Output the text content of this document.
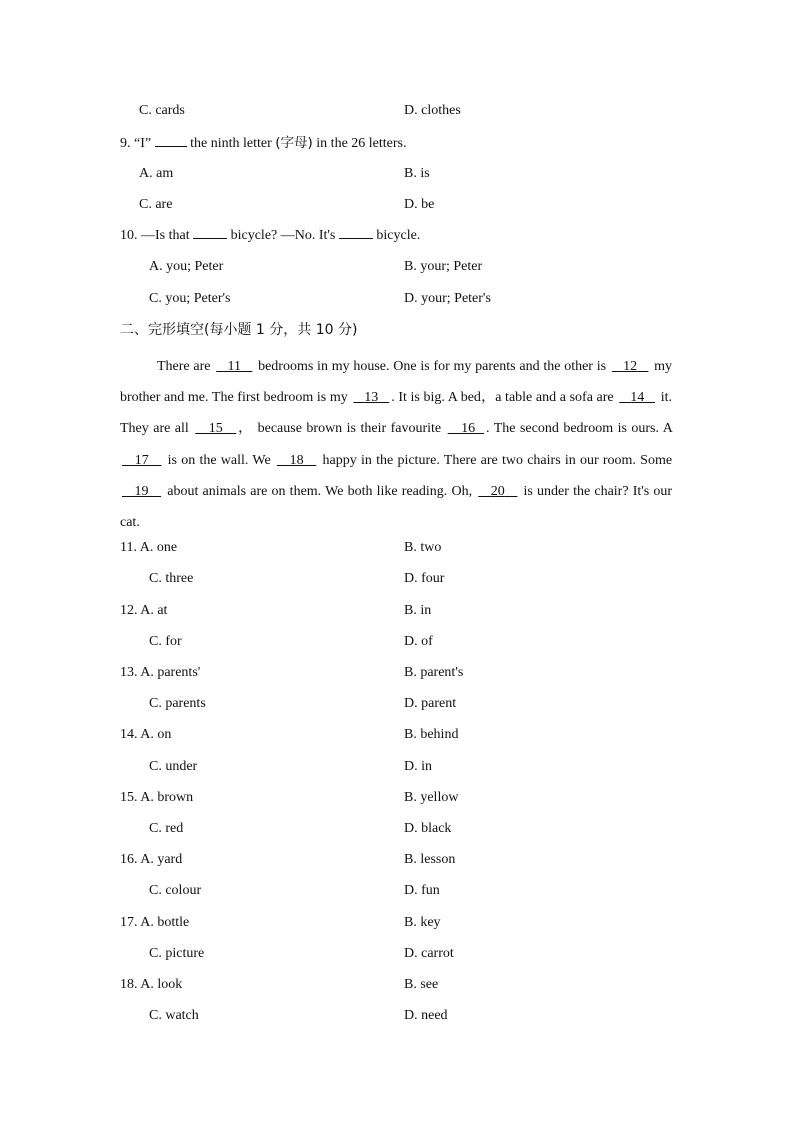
C. cards	D. clothes
9. “I”	the ninth letter (字母) in the 26 letters.
A. am	B. is
C. are	D. be
10. —Is that	bicycle? —No. It's	bicycle.
A. you; Peter	B. your; Peter
C. you; Peter's	D. your; Peter's
二、完形填空(每小题 1 分，共 10 分)

There are 11 bedrooms in my house. One is for my parents and the other is 12 my brother and me. The first bedroom is my 13 . It is big. A bed，a table and a sofa are 14 it. They are all 15 ， because brown is their favourite 16 . The second bedroom is ours. A    17 is on the wall. We 18 happy in the picture. There are two chairs in our room. Some    19 about animals are on them. We both like reading. Oh, 20 is under the chair? It's our cat.

11. A. one	B. two
C. three	D. four
12. A. at	B. in
C. for	D. of
13. A. parents'	B. parent's
C. parents	D. parent
14. A. on	B. behind
C. under	D. in
15. A. brown	B. yellow
C. red	D. black
16. A. yard	B. lesson
C. colour	D. fun
17. A. bottle	B. key
C. picture	D. carrot
18. A. look	B. see
C. watch	D. need
